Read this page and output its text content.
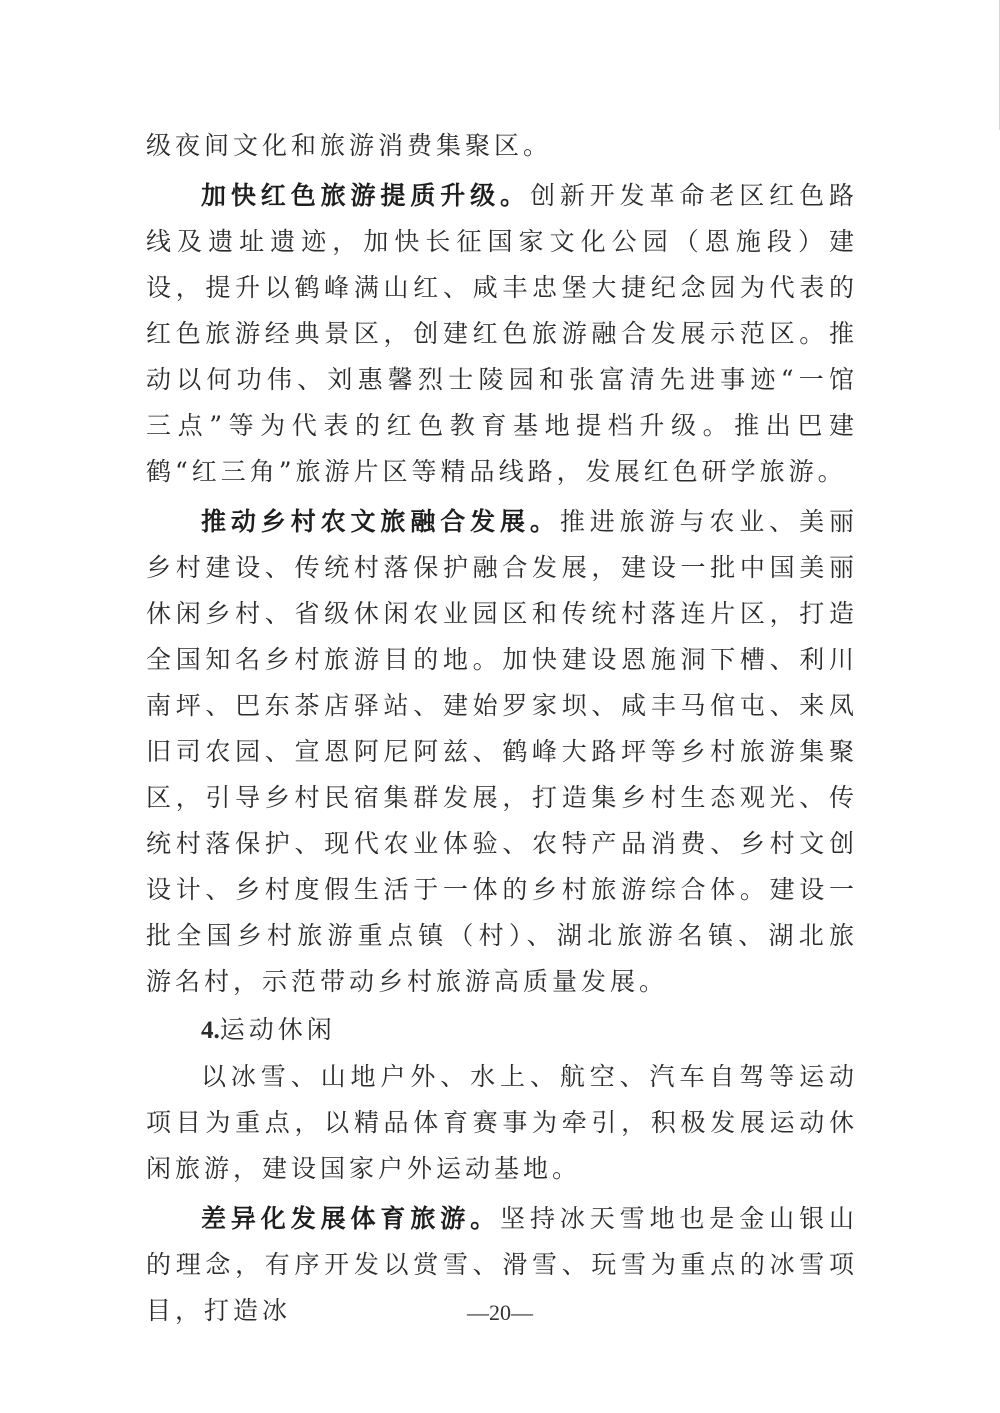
级夜间文化和旅游消费集聚区。

加快红色旅游提质升级。创新开发革命老区红色路线及遗址遗迹，加快长征国家文化公园（恩施段）建设，提升以鹤峰满山红、咸丰忠堡大捷纪念园为代表的红色旅游经典景区，创建红色旅游融合发展示范区。推动以何功伟、刘惠馨烈士陵园和张富清先进事迹“一馆三点”等为代表的红色教育基地提档升级。推出巴建鹤“红三角”旅游片区等精品线路，发展红色研学旅游。

推动乡村农文旅融合发展。推进旅游与农业、美丽乡村建设、传统村落保护融合发展，建设一批中国美丽休闲乡村、省级休闲农业园区和传统村落连片区，打造全国知名乡村旅游目的地。加快建设恩施洞下槽、利川南坪、巴东茶店驿站、建始罗家坝、咸丰马倌屯、来凤旧司农园、宣恩阿尼阿兹、鹤峰大路坪等乡村旅游集聚区，引导乡村民宿集群发展，打造集乡村生态观光、传统村落保护、现代农业体验、农特产品消费、乡村文创设计、乡村度假生活于一体的乡村旅游综合体。建设一批全国乡村旅游重点镇（村）、湖北旅游名镇、湖北旅游名村，示范带动乡村旅游高质量发展。

4.运动休闲

以冰雪、山地户外、水上、航空、汽车自驾等运动项目为重点，以精品体育赛事为牵引，积极发展运动休闲旅游，建设国家户外运动基地。

差异化发展体育旅游。坚持冰天雪地也是金山银山的理念，有序开发以赏雪、滑雪、玩雪为重点的冰雪项目，打造冰	—20—
